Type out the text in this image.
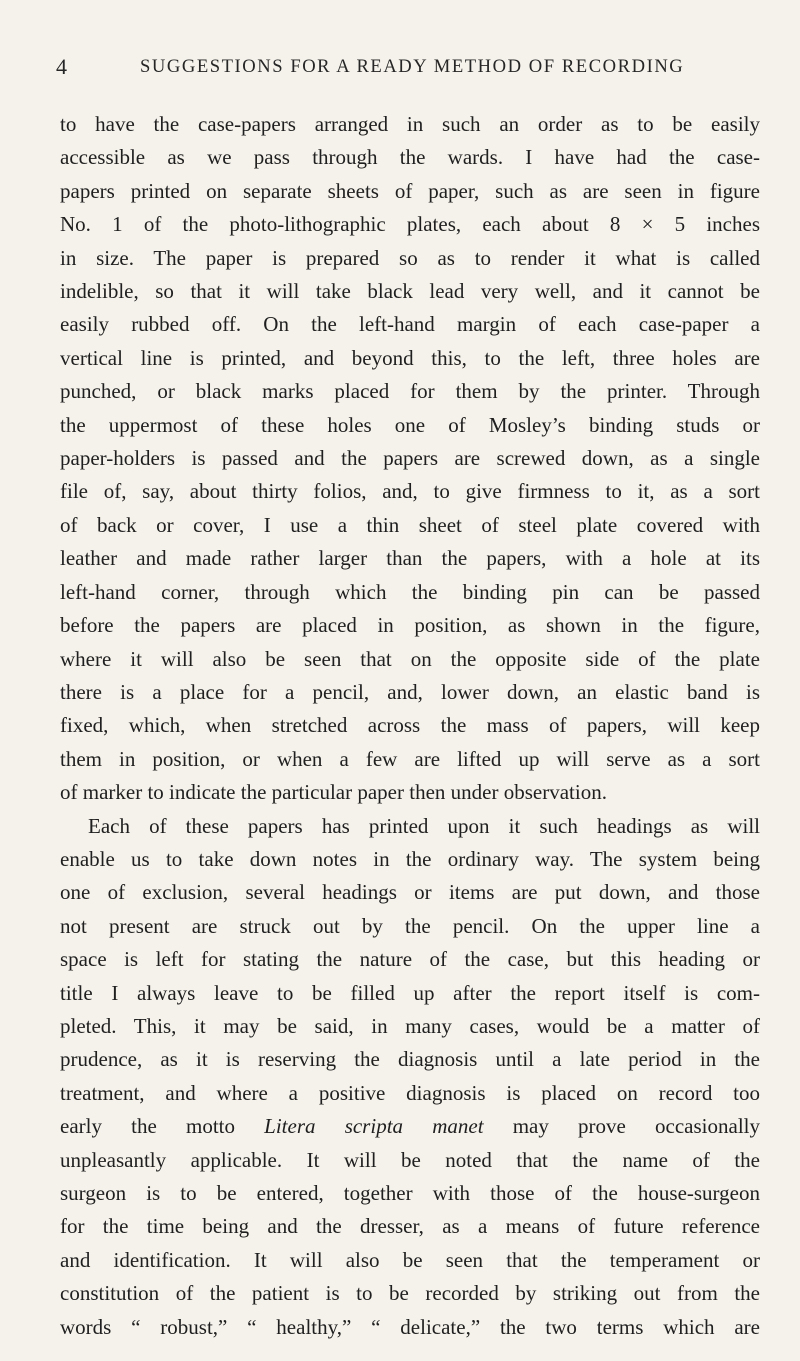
4	SUGGESTIONS FOR A READY METHOD OF RECORDING
to have the case-papers arranged in such an order as to be easily
accessible as we pass through the wards. I have had the case-
papers printed on separate sheets of paper, such as are seen in figure
No. 1 of the photo-lithographic plates, each about 8 × 5 inches
in size. The paper is prepared so as to render it what is called
indelible, so that it will take black lead very well, and it cannot be
easily rubbed off. On the left-hand margin of each case-paper a
vertical line is printed, and beyond this, to the left, three holes are
punched, or black marks placed for them by the printer. Through
the uppermost of these holes one of Mosley’s binding studs or
paper-holders is passed and the papers are screwed down, as a single
file of, say, about thirty folios, and, to give firmness to it, as a sort
of back or cover, I use a thin sheet of steel plate covered with
leather and made rather larger than the papers, with a hole at its
left-hand corner, through which the binding pin can be passed
before the papers are placed in position, as shown in the figure,
where it will also be seen that on the opposite side of the plate
there is a place for a pencil, and, lower down, an elastic band is
fixed, which, when stretched across the mass of papers, will keep
them in position, or when a few are lifted up will serve as a sort
of marker to indicate the particular paper then under observation.
Each of these papers has printed upon it such headings as will
enable us to take down notes in the ordinary way. The system being
one of exclusion, several headings or items are put down, and those
not present are struck out by the pencil. On the upper line a
space is left for stating the nature of the case, but this heading or
title I always leave to be filled up after the report itself is com-
pleted. This, it may be said, in many cases, would be a matter of
prudence, as it is reserving the diagnosis until a late period in the
treatment, and where a positive diagnosis is placed on record too
early the motto Litera scripta manet may prove occasionally
unpleasantly applicable. It will be noted that the name of the
surgeon is to be entered, together with those of the house-surgeon
for the time being and the dresser, as a means of future reference
and identification. It will also be seen that the temperament or
constitution of the patient is to be recorded by striking out from the
words “ robust,” “ healthy,” “ delicate,” the two terms which are
